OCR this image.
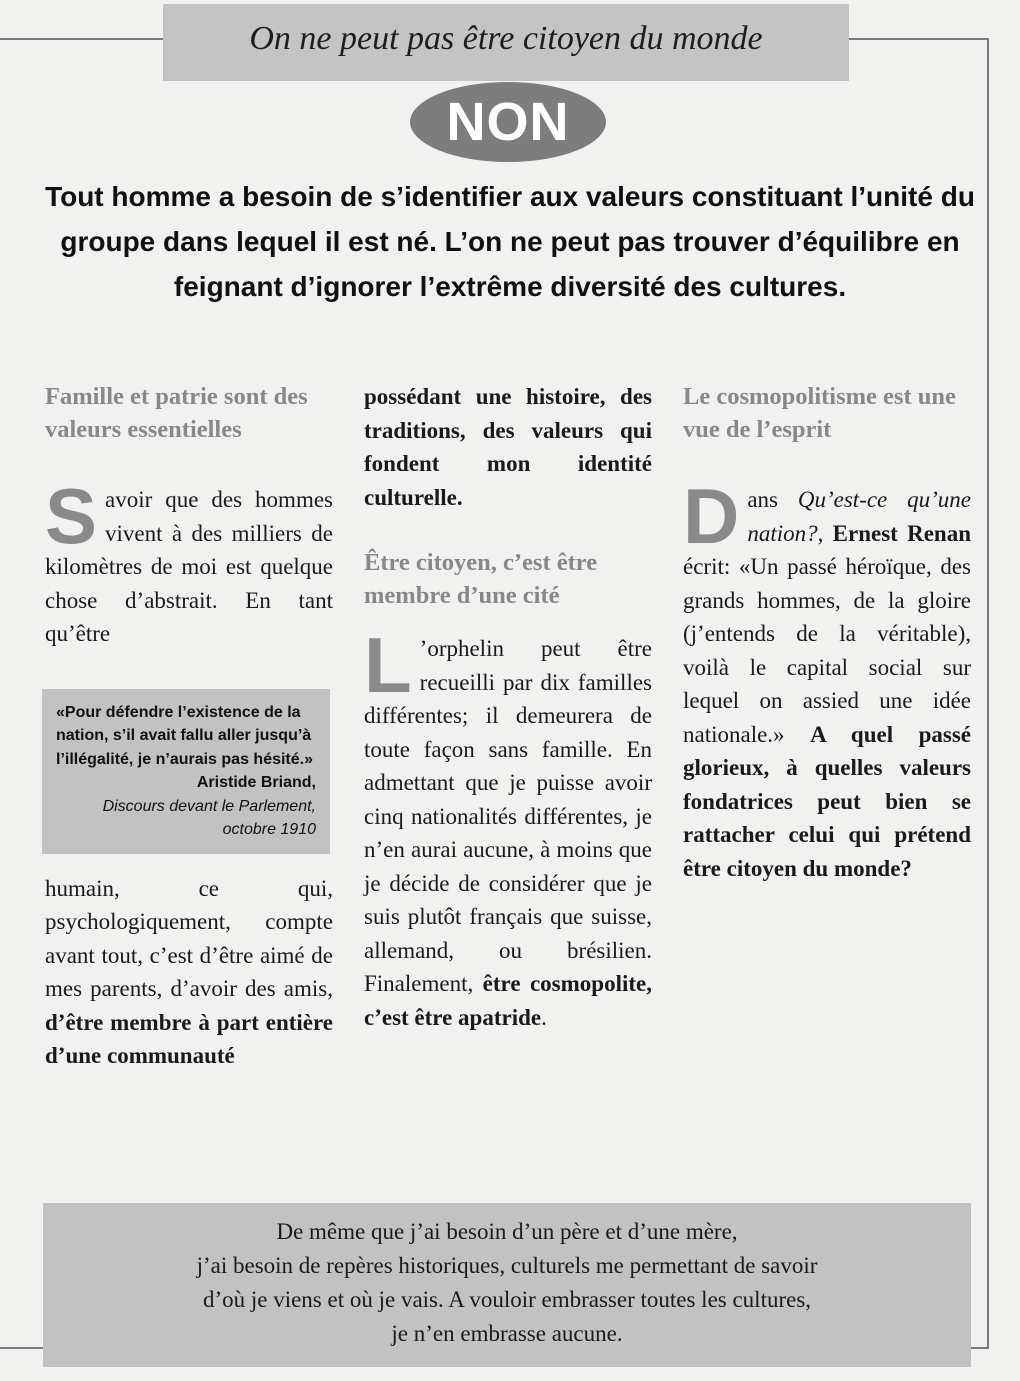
On ne peut pas être citoyen du monde
NON

Tout homme a besoin de s’identifier aux valeurs constituant l’unité du groupe dans lequel il est né. L’on ne peut pas trouver d’équilibre en feignant d’ignorer l’extrême diversité des cultures.

Famille et patrie sont des valeurs essentielles

Savoir que des hommes vivent à des milliers de kilomètres de moi est quelque chose d’abstrait. En tant qu’être

«Pour défendre l’existence de la nation, s’il avait fallu aller jusqu’à l’illégalité, je n’aurais pas hésité.»
Aristide Briand,
Discours devant le Parlement, octobre 1910

humain, ce qui, psychologiquement, compte avant tout, c’est d’être aimé de mes parents, d’avoir des amis, d’être membre à part entière d’une communauté

possédant une histoire, des traditions, des valeurs qui fondent mon identité culturelle.

Être citoyen, c’est être membre d’une cité

L ’orphelin peut être recueilli par dix familles différentes; il demeurera de toute façon sans famille. En admettant que je puisse avoir cinq nationalités différentes, je n’en aurai aucune, à moins que je décide de considérer que je suis plutôt français que suisse, allemand, ou brésilien. Finalement, être cosmopolite, c’est être apatride.

Le cosmopolitisme est une vue de l’esprit

Dans Qu’est-ce qu’une nation?, Ernest Renan écrit: «Un passé héroïque, des grands hommes, de la gloire (j’entends de la véritable), voilà le capital social sur lequel on assied une idée nationale.» A quel passé glorieux, à quelles valeurs fondatrices peut bien se rattacher celui qui prétend être citoyen du monde?

De même que j’ai besoin d’un père et d’une mère,
j’ai besoin de repères historiques, culturels me permettant de savoir
d’où je viens et où je vais. A vouloir embrasser toutes les cultures,
je n’en embrasse aucune.
